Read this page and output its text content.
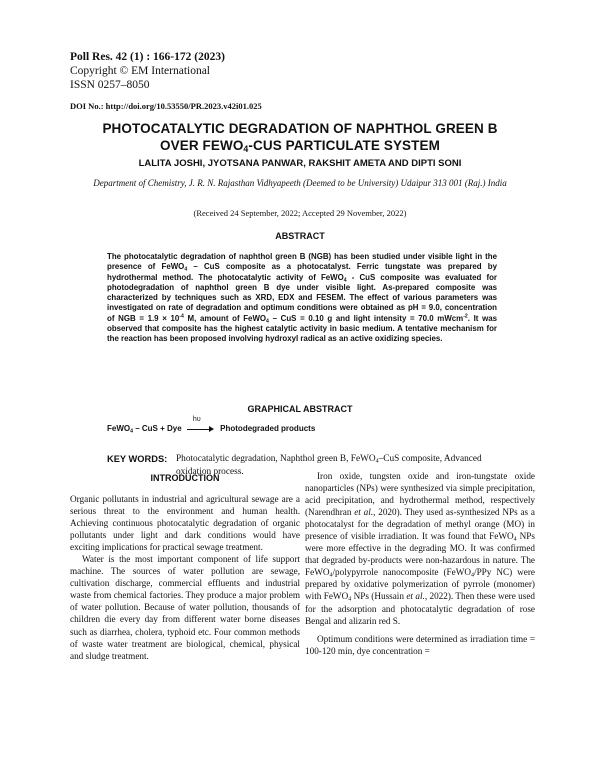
Poll Res. 42 (1) : 166-172 (2023)
Copyright © EM International
ISSN 0257–8050
DOI No.: http://doi.org/10.53550/PR.2023.v42i01.025
PHOTOCATALYTIC DEGRADATION OF NAPHTHOL GREEN B
OVER $FEWO_4$-CUS PARTICULATE SYSTEM
LALITA JOSHI, JYOTSANA PANWAR, RAKSHIT AMETA AND DIPTI SONI
Department of Chemistry, J. R. N. Rajasthan Vidhyapeeth (Deemed to be University) Udaipur 313 001 (Raj.) India
(Received 24 September, 2022; Accepted 29 November, 2022)
ABSTRACT
The photocatalytic degradation of naphthol green B (NGB) has been studied under visible light in the presence of FeWO$_4$ – CuS composite as a photocatalyst. Ferric tungstate was prepared by hydrothermal method. The photocatalytic activity of FeWO$_4$ - CuS composite was evaluated for photodegradation of naphthol green B dye under visible light. As-prepared composite was characterized by techniques such as XRD, EDX and FESEM. The effect of various parameters was investigated on rate of degradation and optimum conditions were obtained as pH = 9.0, concentration of NGB = $1.9 \times 10^{-4}$ M, amount of FeWO$_4$ – CuS = 0.10 g and light intensity = 70.0 mWcm$^{-2}$. It was observed that composite has the highest catalytic activity in basic medium. A tentative mechanism for the reaction has been proposed involving hydroxyl radical as an active oxidizing species.
GRAPHICAL ABSTRACT
FeWO$_4$ – CuS + Dye
hυ
Photodegraded products
KEY WORDS: Photocatalytic degradation, Naphthol green B, FeWO$_4$–CuS composite, Advanced oxidation process.
INTRODUCTION

Organic pollutants in industrial and agricultural sewage are a serious threat to the environment and human health. Achieving continuous photocatalytic degradation of organic pollutants under light and dark conditions would have exciting implications for practical sewage treatment.

Water is the most important component of life support machine. The sources of water pollution are sewage, cultivation discharge, commercial effluents and industrial waste from chemical factories. They produce a major problem of water pollution. Because of water pollution, thousands of children die every day from different water borne diseases such as diarrhea, cholera, typhoid etc. Four common methods of waste water treatment are biological, chemical, physical and sludge treatment.

Iron oxide, tungsten oxide and iron-tungstate oxide nanoparticles (NPs) were synthesized via simple precipitation, acid precipitation, and hydrothermal method, respectively (Narendhran et al., 2020). They used as-synthesized NPs as a photocatalyst for the degradation of methyl orange (MO) in presence of visible irradiation. It was found that FeWO$_4$ NPs were more effective in the degrading MO. It was confirmed that degraded by-products were non-hazardous in nature. The FeWO$_4$/polypyrrole nanocomposite (FeWO$_4$/PPy NC) were prepared by oxidative polymerization of pyrrole (monomer) with FeWO$_4$ NPs (Hussain et al., 2022). Then these were used for the adsorption and photocatalytic degradation of rose Bengal and alizarin red S.

Optimum conditions were determined as irradiation time = 100-120 min, dye concentration =
